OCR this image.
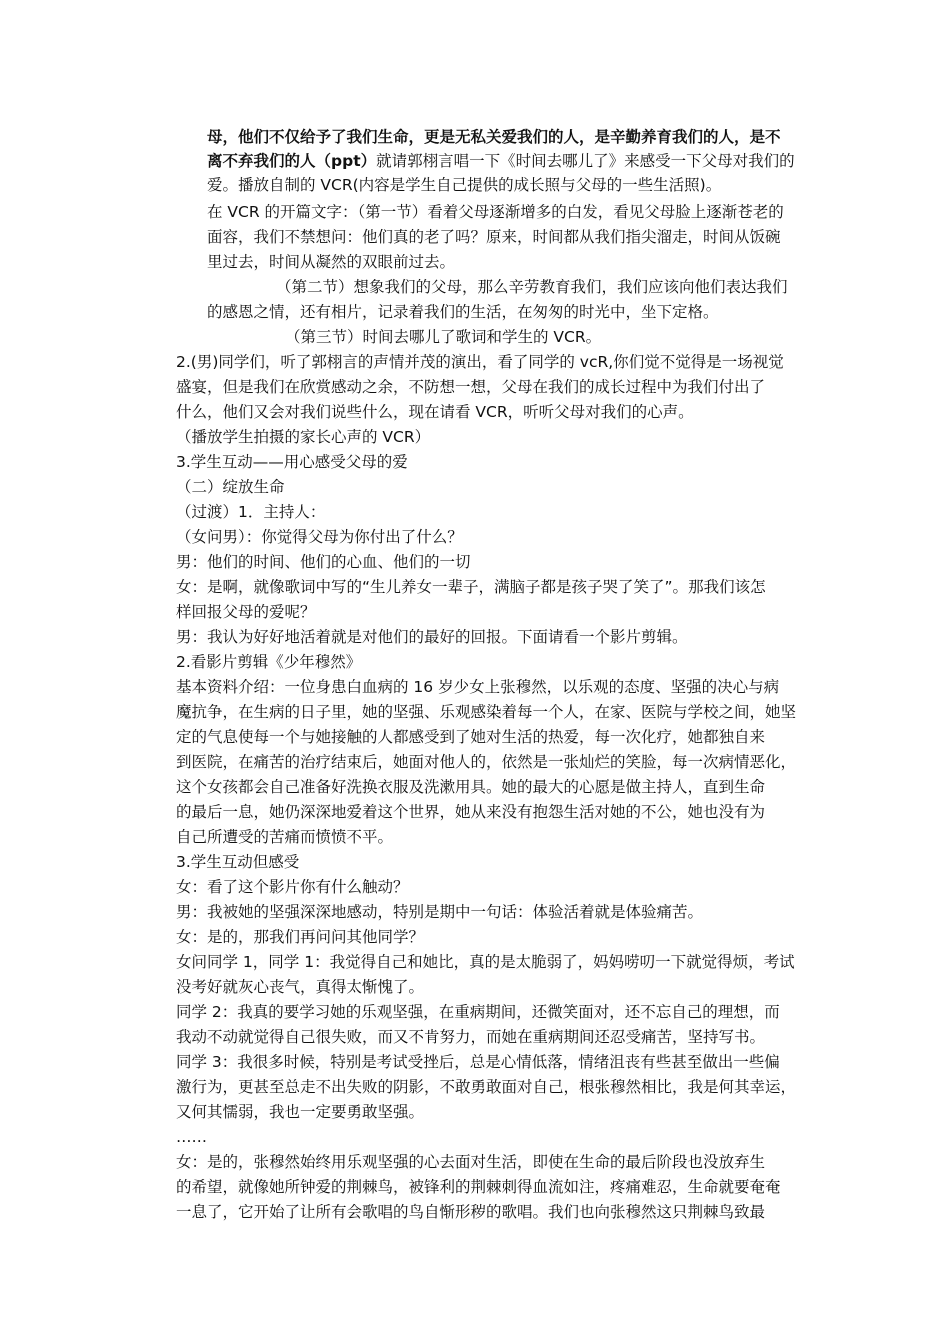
母，他们不仅给予了我们生命，更是无私关爱我们的人，是辛勤养育我们的人，是不
离不弃我们的人（ppt）就请郭栩言唱一下《时间去哪儿了》来感受一下父母对我们的
爱。播放自制的 VCR(内容是学生自己提供的成长照与父母的一些生活照)。
在 VCR 的开篇文字：（第一节）看着父母逐渐增多的白发，看见父母脸上逐渐苍老的
面容，我们不禁想问：他们真的老了吗？原来，时间都从我们指尖溜走，时间从饭碗
里过去，时间从凝然的双眼前过去。
（第二节）想象我们的父母，那么辛劳教育我们，我们应该向他们表达我们
的感恩之情，还有相片，记录着我们的生活，在匆匆的时光中，坐下定格。
（第三节）时间去哪儿了歌词和学生的 VCR。
2.(男)同学们，听了郭栩言的声情并茂的演出，看了同学的 vcR,你们觉不觉得是一场视觉
盛宴，但是我们在欣赏感动之余，不防想一想，父母在我们的成长过程中为我们付出了
什么，他们又会对我们说些什么，现在请看 VCR，听听父母对我们的心声。
（播放学生拍摄的家长心声的 VCR）
3.学生互动——用心感受父母的爱
（二）绽放生命
（过渡）1．主持人：
（女问男）：你觉得父母为你付出了什么？
男：他们的时间、他们的心血、他们的一切
女：是啊，就像歌词中写的“生儿养女一辈子，满脑子都是孩子哭了笑了”。那我们该怎
样回报父母的爱呢？
男：我认为好好地活着就是对他们的最好的回报。下面请看一个影片剪辑。
2.看影片剪辑《少年穆然》
基本资料介绍：一位身患白血病的 16 岁少女上张穆然，以乐观的态度、坚强的决心与病
魔抗争，在生病的日子里，她的坚强、乐观感染着每一个人，在家、医院与学校之间，她坚
定的气息使每一个与她接触的人都感受到了她对生活的热爱，每一次化疗，她都独自来
到医院，在痛苦的治疗结束后，她面对他人的，依然是一张灿烂的笑脸，每一次病情恶化，
这个女孩都会自己准备好洗换衣服及洗漱用具。她的最大的心愿是做主持人，直到生命
的最后一息，她仍深深地爱着这个世界，她从来没有抱怨生活对她的不公，她也没有为
自己所遭受的苦痛而愤愤不平。
3.学生互动但感受
女：看了这个影片你有什么触动？
男：我被她的坚强深深地感动，特别是期中一句话：体验活着就是体验痛苦。
女：是的，那我们再问问其他同学？
女问同学 1，同学 1：我觉得自己和她比，真的是太脆弱了，妈妈唠叨一下就觉得烦，考试
没考好就灰心丧气，真得太惭愧了。
同学 2：我真的要学习她的乐观坚强，在重病期间，还微笑面对，还不忘自己的理想，而
我动不动就觉得自己很失败，而又不肯努力，而她在重病期间还忍受痛苦，坚持写书。
同学 3：我很多时候，特别是考试受挫后，总是心情低落，情绪沮丧有些甚至做出一些偏
激行为，更甚至总走不出失败的阴影，不敢勇敢面对自己，根张穆然相比，我是何其幸运，
又何其懦弱，我也一定要勇敢坚强。
……
女：是的，张穆然始终用乐观坚强的心去面对生活，即使在生命的最后阶段也没放弃生
的希望，就像她所钟爱的荆棘鸟，被锋利的荆棘刺得血流如注，疼痛难忍，生命就要奄奄
一息了，它开始了让所有会歌唱的鸟自惭形秽的歌唱。我们也向张穆然这只荆棘鸟致最
